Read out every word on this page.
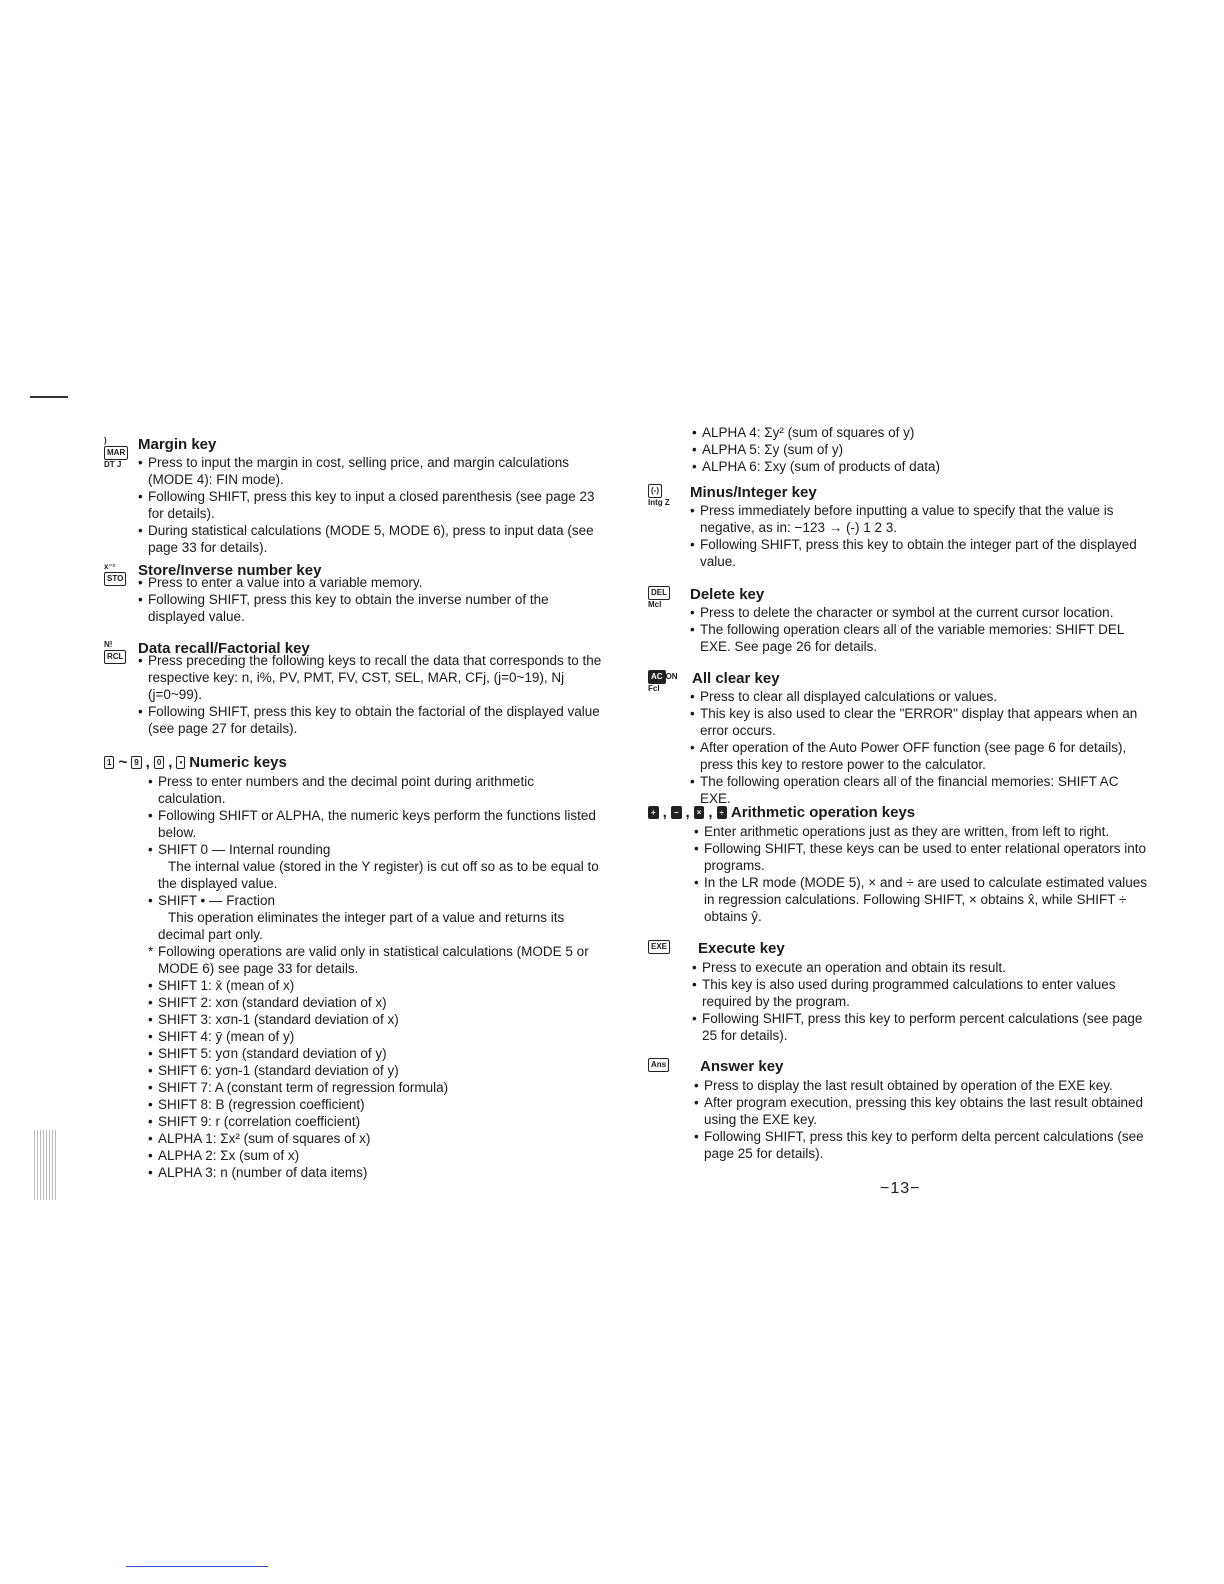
)
MAR
DT J
Margin key
• Press to input the margin in cost, selling price, and margin calculations (MODE 4): FIN mode).
• Following SHIFT, press this key to input a closed parenthesis (see page 23 for details).
• During statistical calculations (MODE 5, MODE 6), press to input data (see page 33 for details).
x⁻¹
STO Store/Inverse number key
• Press to enter a value into a variable memory.
• Following SHIFT, press this key to obtain the inverse number of the displayed value.
N!
RCL Data recall/Factorial key
• Press preceding the following keys to recall the data that corresponds to the respective key: n, i%, PV, PMT, FV, CST, SEL, MAR, CFj, (j=0~19), Nj (j=0~99).
• Following SHIFT, press this key to obtain the factorial of the displayed value (see page 27 for details).
1 ~ 9 , 0 , • Numeric keys
• Press to enter numbers and the decimal point during arithmetic calculation.
• Following SHIFT or ALPHA, the numeric keys perform the functions listed below.
• SHIFT 0 — Internal rounding
The internal value (stored in the Y register) is cut off so as to be equal to the displayed value.
• SHIFT • — Fraction
This operation eliminates the integer part of a value and returns its decimal part only.
* Following operations are valid only in statistical calculations (MODE 5 or MODE 6) see page 33 for details.
• SHIFT 1: x̄ (mean of x)
• SHIFT 2: xσn (standard deviation of x)
• SHIFT 3: xσn-1 (standard deviation of x)
• SHIFT 4: ȳ (mean of y)
• SHIFT 5: yσn (standard deviation of y)
• SHIFT 6: yσn-1 (standard deviation of y)
• SHIFT 7: A (constant term of regression formula)
• SHIFT 8: B (regression coefficient)
• SHIFT 9: r (correlation coefficient)
• ALPHA 1: Σx² (sum of squares of x)
• ALPHA 2: Σx (sum of x)
• ALPHA 3: n (number of data items)
• ALPHA 4: Σy² (sum of squares of y)
• ALPHA 5: Σy (sum of y)
• ALPHA 6: Σxy (sum of products of data)
(-)
Intg Z
Minus/Integer key
• Press immediately before inputting a value to specify that the value is negative, as in: −123 → (-) 1 2 3.
• Following SHIFT, press this key to obtain the integer part of the displayed value.
DEL
Mcl
Delete key
• Press to delete the character or symbol at the current cursor location.
• The following operation clears all of the variable memories: SHIFT DEL EXE. See page 26 for details.
AC ON
Fcl
All clear key
• Press to clear all displayed calculations or values.
• This key is also used to clear the "ERROR" display that appears when an error occurs.
• After operation of the Auto Power OFF function (see page 6 for details), press this key to restore power to the calculator.
• The following operation clears all of the financial memories: SHIFT AC EXE.
+ , − , × , ÷ Arithmetic operation keys
• Enter arithmetic operations just as they are written, from left to right.
• Following SHIFT, these keys can be used to enter relational operators into programs.
• In the LR mode (MODE 5), × and ÷ are used to calculate estimated values in regression calculations. Following SHIFT, × obtains x̂, while SHIFT ÷ obtains ŷ.
EXE	Execute key
• Press to execute an operation and obtain its result.
• This key is also used during programmed calculations to enter values required by the program.
• Following SHIFT, press this key to perform percent calculations (see page 25 for details).
Ans	Answer key
• Press to display the last result obtained by operation of the EXE key.
• After program execution, pressing this key obtains the last result obtained using the EXE key.
• Following SHIFT, press this key to perform delta percent calculations (see page 25 for details).
−13−
